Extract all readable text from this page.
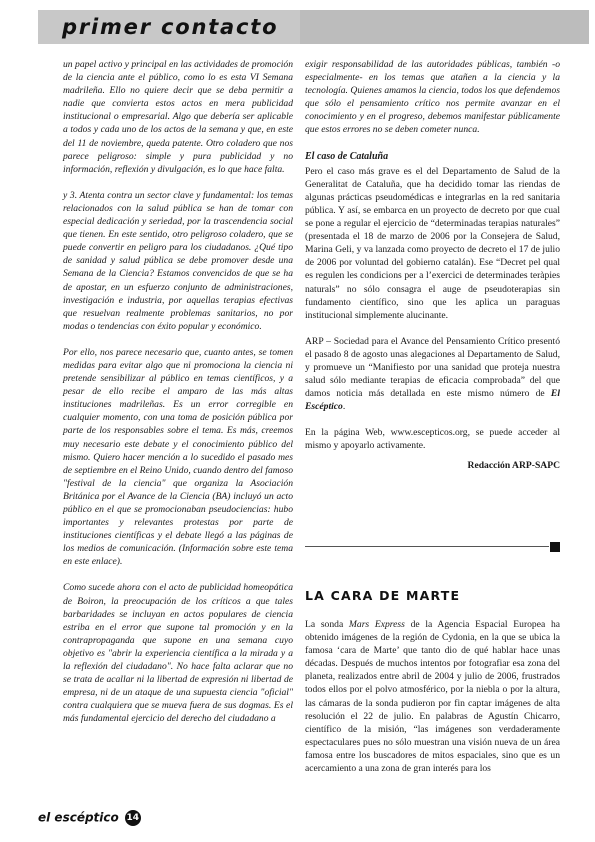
primer contacto

un papel activo y principal en las actividades de promoción de la ciencia ante el público, como lo es esta VI Semana madrileña. Ello no quiere decir que se deba permitir a nadie que convierta estos actos en mera publicidad institucional o empresarial. Algo que debería ser aplicable a todos y cada uno de los actos de la semana y que, en este del 11 de noviembre, queda patente. Otro coladero que nos parece peligroso: simple y pura publicidad y no información, reflexión y divulgación, es lo que hace falta.

y 3. Atenta contra un sector clave y fundamental: los temas relacionados con la salud pública se han de tomar con especial dedicación y seriedad, por la trascendencia social que tienen. En este sentido, otro peligroso coladero, que se puede convertir en peligro para los ciudadanos. ¿Qué tipo de sanidad y salud pública se debe promover desde una Semana de la Ciencia? Estamos convencidos de que se ha de apostar, en un esfuerzo conjunto de administraciones, investigación e industria, por aquellas terapias efectivas que resuelvan realmente problemas sanitarios, no por modas o tendencias con éxito popular y económico.

Por ello, nos parece necesario que, cuanto antes, se tomen medidas para evitar algo que ni promociona la ciencia ni pretende sensibilizar al público en temas científicos, y a pesar de ello recibe el amparo de las más altas instituciones madrileñas. Es un error corregible en cualquier momento, con una toma de posición pública por parte de los responsables sobre el tema. Es más, creemos muy necesario este debate y el conocimiento público del mismo. Quiero hacer mención a lo sucedido el pasado mes de septiembre en el Reino Unido, cuando dentro del famoso "festival de la ciencia" que organiza la Asociación Británica por el Avance de la Ciencia (BA) incluyó un acto público en el que se promocionaban pseudociencias: hubo importantes y relevantes protestas por parte de instituciones científicas y el debate llegó a las páginas de los medios de comunicación. (Información sobre este tema en este enlace).

Como sucede ahora con el acto de publicidad homeopática de Boiron, la preocupación de los críticos a que tales barbaridades se incluyan en actos populares de ciencia estriba en el error que supone tal promoción y en la contrapropaganda que supone en una semana cuyo objetivo es "abrir la experiencia científica a la mirada y a la reflexión del ciudadano". No hace falta aclarar que no se trata de acallar ni la libertad de expresión ni libertad de empresa, ni de un ataque de una supuesta ciencia "oficial" contra cualquiera que se mueva fuera de sus dogmas. Es el más fundamental ejercicio del derecho del ciudadano a

exigir responsabilidad de las autoridades públicas, también -o especialmente- en los temas que atañen a la ciencia y la tecnología. Quienes amamos la ciencia, todos los que defendemos que sólo el pensamiento crítico nos permite avanzar en el conocimiento y en el progreso, debemos manifestar públicamente que estos errores no se deben cometer nunca.

El caso de Cataluña

Pero el caso más grave es el del Departamento de Salud de la Generalitat de Cataluña, que ha decidido tomar las riendas de algunas prácticas pseudomédicas e integrarlas en la red sanitaria pública. Y así, se embarca en un proyecto de decreto por que cual se pone a regular el ejercicio de “determinadas terapias naturales” (presentada el 18 de marzo de 2006 por la Consejera de Salud, Marina Geli, y va lanzada como proyecto de decreto el 17 de julio de 2006 por voluntad del gobierno catalán). Ese “Decret pel qual es regulen les condicions per a l’exercici de determinades teràpies naturals” no sólo consagra el auge de pseudoterapias sin fundamento científico, sino que les aplica un paraguas institucional simplemente alucinante.

ARP – Sociedad para el Avance del Pensamiento Crítico presentó el pasado 8 de agosto unas alegaciones al Departamento de Salud, y promueve un “Manifiesto por una sanidad que proteja nuestra salud sólo mediante terapias de eficacia comprobada” del que damos noticia más detallada en este mismo número de El Escéptico.

En la página Web, www.escepticos.org, se puede acceder al mismo y apoyarlo activamente.

Redacción ARP-SAPC
LA CARA DE MARTE

La sonda Mars Express de la Agencia Espacial Europea ha obtenido imágenes de la región de Cydonia, en la que se ubica la famosa ‘cara de Marte’ que tanto dio de qué hablar hace unas décadas. Después de muchos intentos por fotografiar esa zona del planeta, realizados entre abril de 2004 y julio de 2006, frustrados todos ellos por el polvo atmosférico, por la niebla o por la altura, las cámaras de la sonda pudieron por fin captar imágenes de alta resolución el 22 de julio. En palabras de Agustín Chicarro, científico de la misión, “las imágenes son verdaderamente espectaculares pues no sólo muestran una visión nueva de un área famosa entre los buscadores de mitos espaciales, sino que es un acercamiento a una zona de gran interés para los

el escéptico 14
